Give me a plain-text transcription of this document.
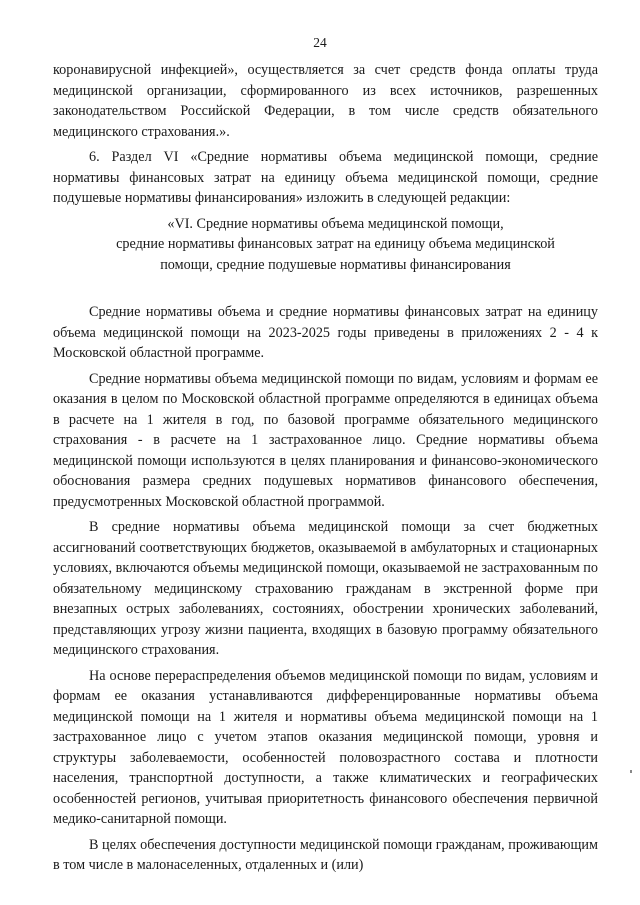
24

коронавирусной инфекцией», осуществляется за счет средств фонда оплаты труда медицинской организации, сформированного из всех источников, разрешенных законодательством Российской Федерации, в том числе средств обязательного медицинского страхования.».

6. Раздел VI «Средние нормативы объема медицинской помощи, средние нормативы финансовых затрат на единицу объема медицинской помощи, средние подушевые нормативы финансирования» изложить в следующей редакции:

«VI. Средние нормативы объема медицинской помощи,
средние нормативы финансовых затрат на единицу объема медицинской
помощи, средние подушевые нормативы финансирования

Средние нормативы объема и средние нормативы финансовых затрат на единицу объема медицинской помощи на 2023-2025 годы приведены в приложениях 2 - 4 к Московской областной программе.

Средние нормативы объема медицинской помощи по видам, условиям и формам ее оказания в целом по Московской областной программе определяются в единицах объема в расчете на 1 жителя в год, по базовой программе обязательного медицинского страхования - в расчете на 1 застрахованное лицо. Средние нормативы объема медицинской помощи используются в целях планирования и финансово-экономического обоснования размера средних подушевых нормативов финансового обеспечения, предусмотренных Московской областной программой.

В средние нормативы объема медицинской помощи за счет бюджетных ассигнований соответствующих бюджетов, оказываемой в амбулаторных и стационарных условиях, включаются объемы медицинской помощи, оказываемой не застрахованным по обязательному медицинскому страхованию гражданам в экстренной форме при внезапных острых заболеваниях, состояниях, обострении хронических заболеваний, представляющих угрозу жизни пациента, входящих в базовую программу обязательного медицинского страхования.

На основе перераспределения объемов медицинской помощи по видам, условиям и формам ее оказания устанавливаются дифференцированные нормативы объема медицинской помощи на 1 жителя и нормативы объема медицинской помощи на 1 застрахованное лицо с учетом этапов оказания медицинской помощи, уровня и структуры заболеваемости, особенностей половозрастного состава и плотности населения, транспортной доступности, а также климатических и географических особенностей регионов, учитывая приоритетность финансового обеспечения первичной медико-санитарной помощи.

В целях обеспечения доступности медицинской помощи гражданам, проживающим в том числе в малонаселенных, отдаленных и (или)
